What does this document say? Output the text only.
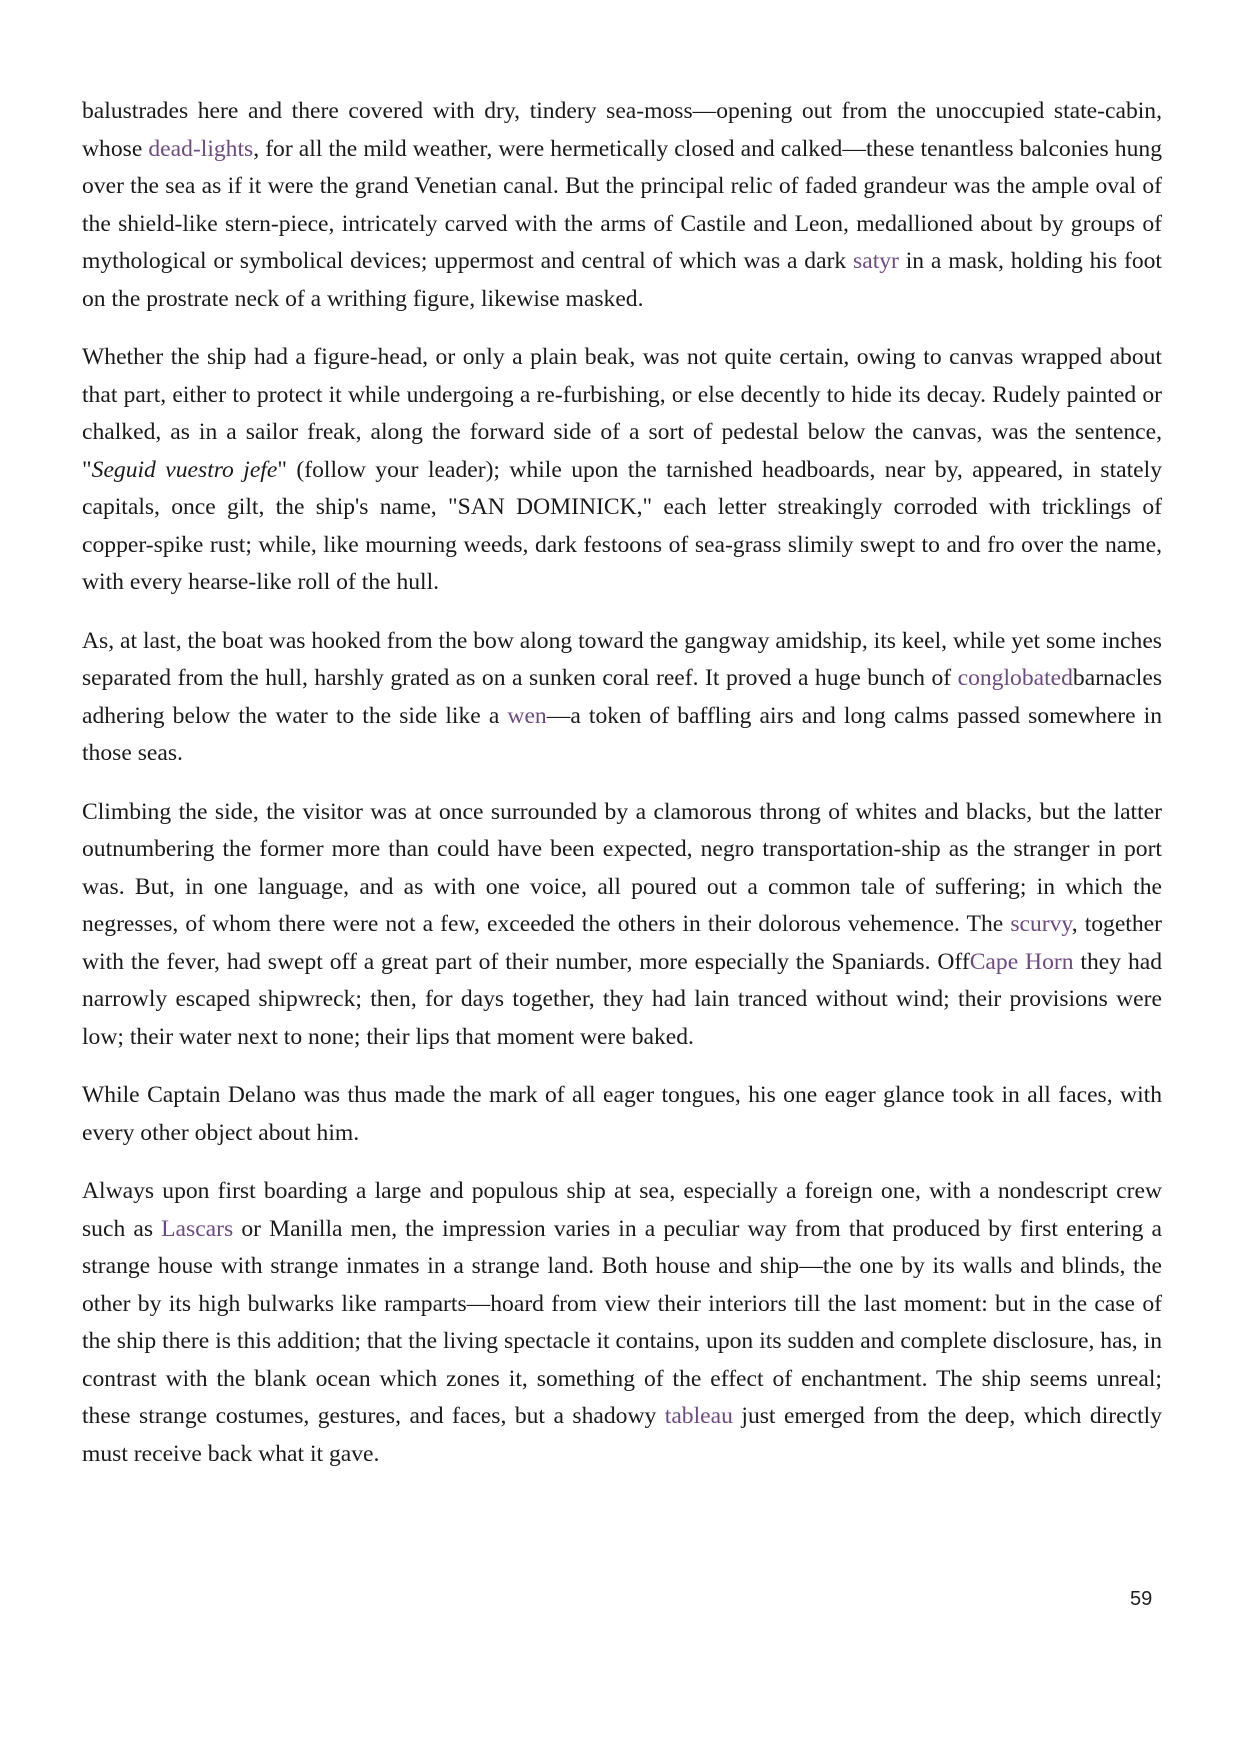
balustrades here and there covered with dry, tindery sea-moss—opening out from the unoccupied state-cabin, whose dead-lights, for all the mild weather, were hermetically closed and calked—these tenantless balconies hung over the sea as if it were the grand Venetian canal. But the principal relic of faded grandeur was the ample oval of the shield-like stern-piece, intricately carved with the arms of Castile and Leon, medallioned about by groups of mythological or symbolical devices; uppermost and central of which was a dark satyr in a mask, holding his foot on the prostrate neck of a writhing figure, likewise masked.

Whether the ship had a figure-head, or only a plain beak, was not quite certain, owing to canvas wrapped about that part, either to protect it while undergoing a re-furbishing, or else decently to hide its decay. Rudely painted or chalked, as in a sailor freak, along the forward side of a sort of pedestal below the canvas, was the sentence, "Seguid vuestro jefe" (follow your leader); while upon the tarnished headboards, near by, appeared, in stately capitals, once gilt, the ship's name, "SAN DOMINICK," each letter streakingly corroded with tricklings of copper-spike rust; while, like mourning weeds, dark festoons of sea-grass slimily swept to and fro over the name, with every hearse-like roll of the hull.

As, at last, the boat was hooked from the bow along toward the gangway amidship, its keel, while yet some inches separated from the hull, harshly grated as on a sunken coral reef. It proved a huge bunch of conglobatedbarnacles adhering below the water to the side like a wen—a token of baffling airs and long calms passed somewhere in those seas.

Climbing the side, the visitor was at once surrounded by a clamorous throng of whites and blacks, but the latter outnumbering the former more than could have been expected, negro transportation-ship as the stranger in port was. But, in one language, and as with one voice, all poured out a common tale of suffering; in which the negresses, of whom there were not a few, exceeded the others in their dolorous vehemence. The scurvy, together with the fever, had swept off a great part of their number, more especially the Spaniards. OffCape Horn they had narrowly escaped shipwreck; then, for days together, they had lain tranced without wind; their provisions were low; their water next to none; their lips that moment were baked.

While Captain Delano was thus made the mark of all eager tongues, his one eager glance took in all faces, with every other object about him.

Always upon first boarding a large and populous ship at sea, especially a foreign one, with a nondescript crew such as Lascars or Manilla men, the impression varies in a peculiar way from that produced by first entering a strange house with strange inmates in a strange land. Both house and ship—the one by its walls and blinds, the other by its high bulwarks like ramparts—hoard from view their interiors till the last moment: but in the case of the ship there is this addition; that the living spectacle it contains, upon its sudden and complete disclosure, has, in contrast with the blank ocean which zones it, something of the effect of enchantment. The ship seems unreal; these strange costumes, gestures, and faces, but a shadowy tableau just emerged from the deep, which directly must receive back what it gave.

59
